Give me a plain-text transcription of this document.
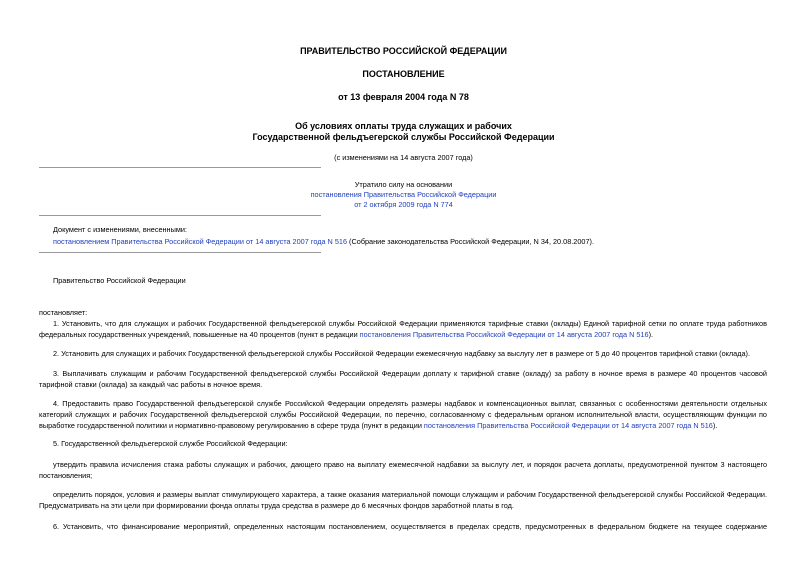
ПРАВИТЕЛЬСТВО РОССИЙСКОЙ ФЕДЕРАЦИИ

ПОСТАНОВЛЕНИЕ

от 13 февраля 2004 года N 78

Об условиях оплаты труда служащих и рабочих

Государственной фельдъегерской службы Российской Федерации

(с изменениями на 14 августа 2007 года)

Утратило силу на основании

постановления Правительства Российской Федерации

от 2 октября 2009 года N 774

Документ с изменениями, внесенными:

постановлением Правительства Российской Федерации от 14 августа 2007 года N 516 (Собрание законодательства Российской Федерации, N 34, 20.08.2007).

Правительство Российской Федерации

постановляет:

1. Установить, что для служащих и рабочих Государственной фельдъегерской службы Российской Федерации применяются тарифные ставки (оклады) Единой тарифной сетки по оплате труда работников федеральных государственных учреждений, повышенные на 40 процентов (пункт в редакции постановления Правительства Российской Федерации от 14 августа 2007 года N 516).

2. Установить для служащих и рабочих Государственной фельдъегерской службы Российской Федерации ежемесячную надбавку за выслугу лет в размере от 5 до 40 процентов тарифной ставки (оклада).

3. Выплачивать служащим и рабочим Государственной фельдъегерской службы Российской Федерации доплату к тарифной ставке (окладу) за работу в ночное время в размере 40 процентов часовой тарифной ставки (оклада) за каждый час работы в ночное время.

4. Предоставить право Государственной фельдъегерской службе Российской Федерации определять размеры надбавок и компенсационных выплат, связанных с особенностями деятельности отдельных категорий служащих и рабочих Государственной фельдъегерской службы Российской Федерации, по перечню, согласованному с федеральным органом исполнительной власти, осуществляющим функции по выработке государственной политики и нормативно-правовому регулированию в сфере труда (пункт в редакции постановления Правительства Российской Федерации от 14 августа 2007 года N 516).

5. Государственной фельдъегерской службе Российской Федерации:

утвердить правила исчисления стажа работы служащих и рабочих, дающего право на выплату ежемесячной надбавки за выслугу лет, и порядок расчета доплаты, предусмотренной пунктом 3 настоящего постановления;

определить порядок, условия и размеры выплат стимулирующего характера, а также оказания материальной помощи служащим и рабочим Государственной фельдъегерской службы Российской Федерации. Предусматривать на эти цели при формировании фонда оплаты труда средства в размере до 6 месячных фондов заработной платы в год.

6. Установить, что финансирование мероприятий, определенных настоящим постановлением, осуществляется в пределах средств, предусмотренных в федеральном бюджете на текущее содержание
